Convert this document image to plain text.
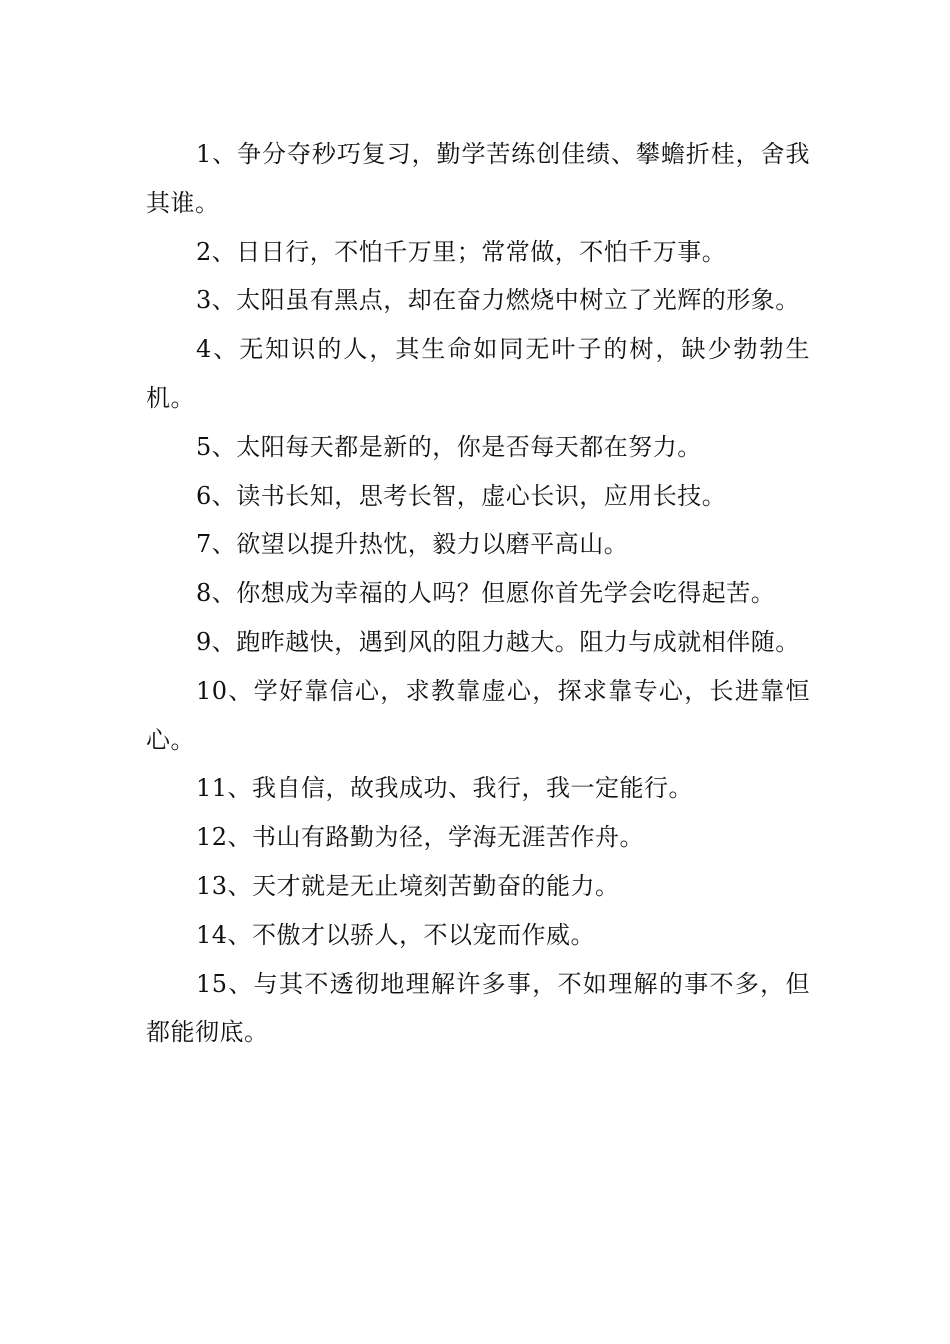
1、争分夺秒巧复习，勤学苦练创佳绩、攀蟾折桂，舍我其谁。

2、日日行，不怕千万里；常常做，不怕千万事。

3、太阳虽有黑点，却在奋力燃烧中树立了光辉的形象。

4、无知识的人，其生命如同无叶子的树，缺少勃勃生机。

5、太阳每天都是新的，你是否每天都在努力。

6、读书长知，思考长智，虚心长识，应用长技。

7、欲望以提升热忱，毅力以磨平高山。

8、你想成为幸福的人吗？但愿你首先学会吃得起苦。

9、跑昨越快，遇到风的阻力越大。阻力与成就相伴随。

10、学好靠信心，求教靠虚心，探求靠专心，长进靠恒心。

11、我自信，故我成功、我行，我一定能行。

12、书山有路勤为径，学海无涯苦作舟。

13、天才就是无止境刻苦勤奋的能力。

14、不傲才以骄人，不以宠而作威。

15、与其不透彻地理解许多事，不如理解的事不多，但都能彻底。
